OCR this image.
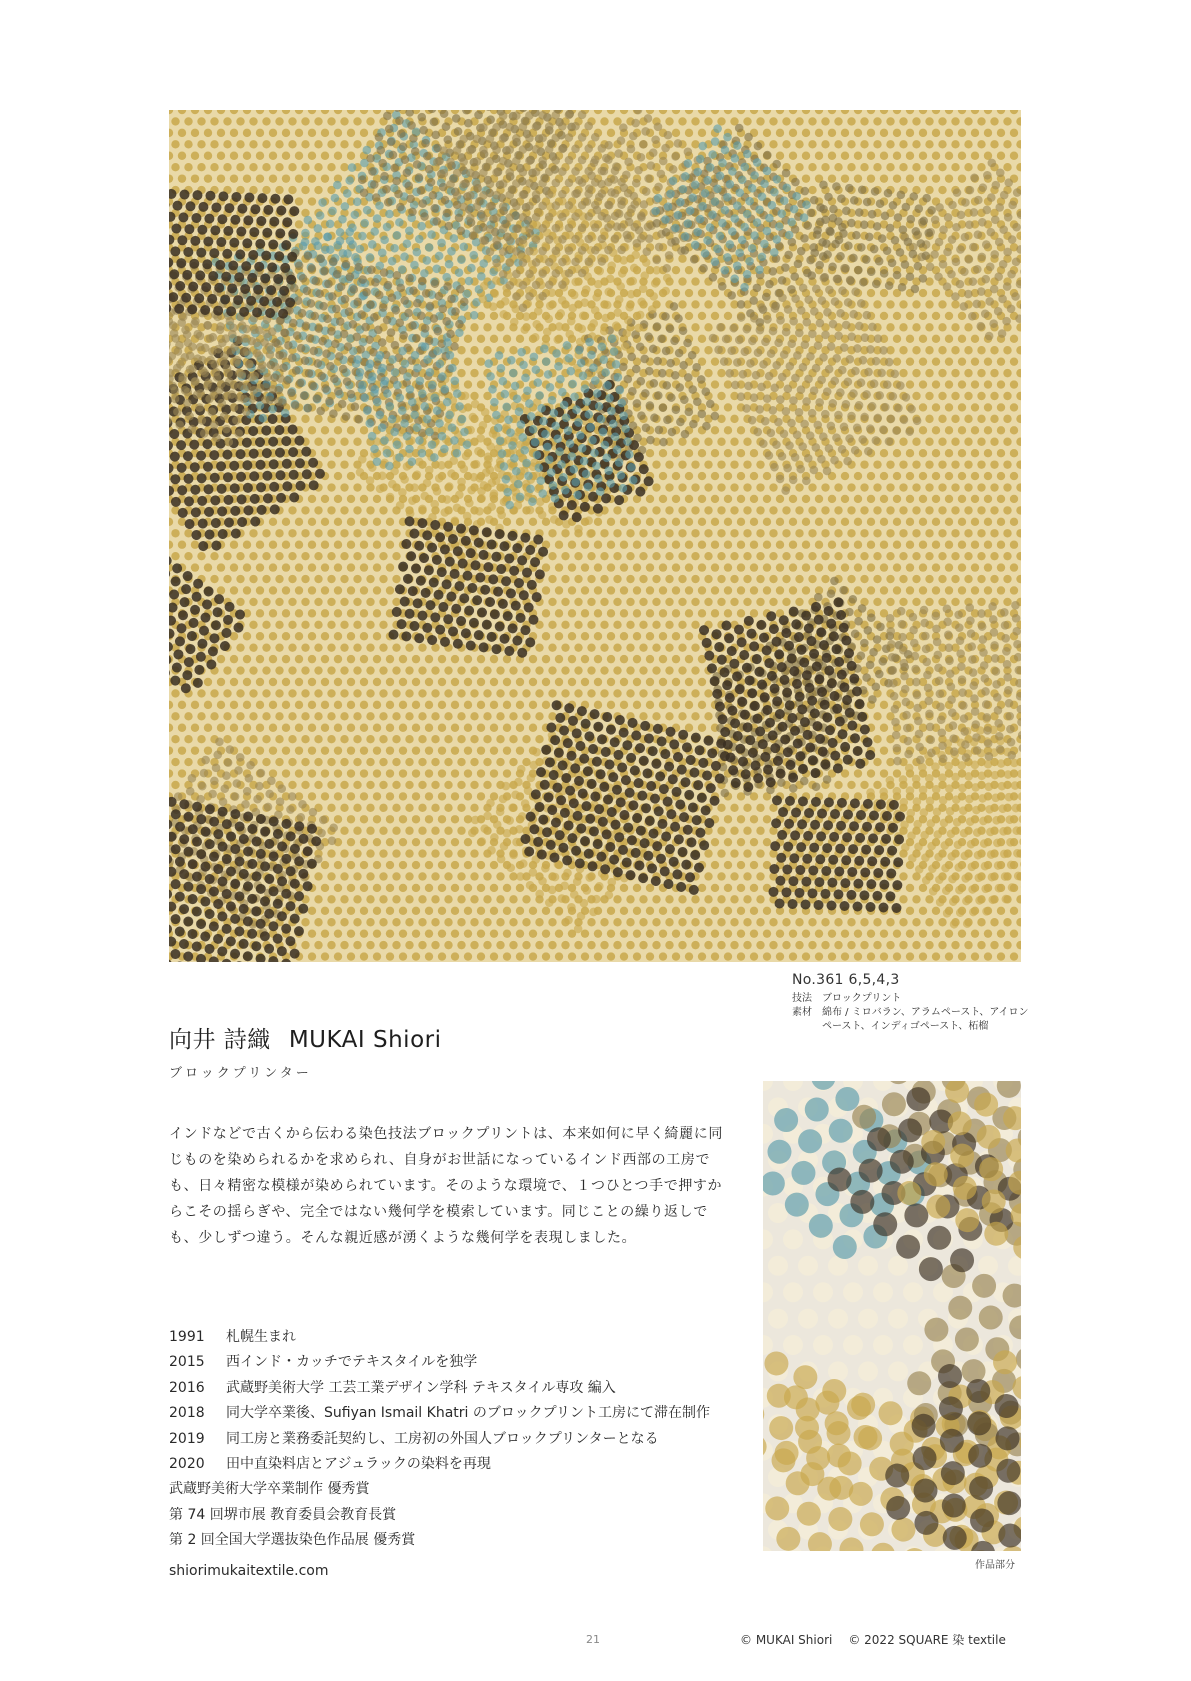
No.361 6,5,4,3
技法	ブロックプリント
素材	綿布 / ミロバラン、アラムペースト、アイロンペースト、インディゴペースト、柘榴
向井 詩織 MUKAI Shiori
ブロックプリンター

インドなどで古くから伝わる染色技法ブロックプリントは、本来如何に早く綺麗に同じものを染められるかを求められ、自身がお世話になっているインド西部の工房でも、日々精密な模様が染められています。そのような環境で、１つひとつ手で押すからこその揺らぎや、完全ではない幾何学を模索しています。同じことの繰り返しでも、少しずつ違う。そんな親近感が湧くような幾何学を表現しました。

1991	札幌生まれ
2015	西インド・カッチでテキスタイルを独学
2016	武蔵野美術大学 工芸工業デザイン学科 テキスタイル専攻 編入
2018	同大学卒業後、Sufiyan Ismail Khatri のブロックプリント工房にて滞在制作
2019	同工房と業務委託契約し、工房初の外国人ブロックプリンターとなる
2020	田中直染料店とアジュラックの染料を再現
武蔵野美術大学卒業制作 優秀賞
第 74 回堺市展 教育委員会教育長賞
第 2 回全国大学選抜染色作品展 優秀賞
shiorimukaitextile.com	作品部分
21	© MUKAI Shiori © 2022 SQUARE 染 textile
